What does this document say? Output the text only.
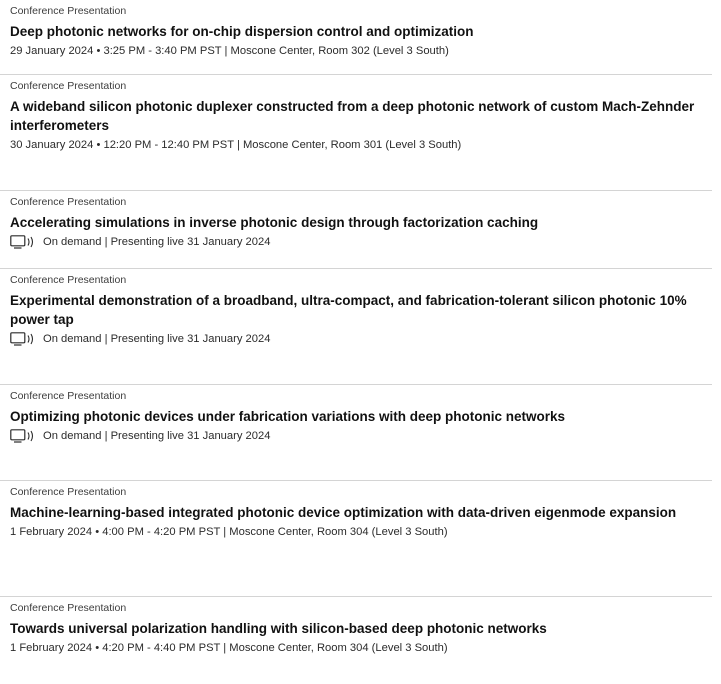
Conference Presentation
Deep photonic networks for on-chip dispersion control and optimization
29 January 2024 • 3:25 PM - 3:40 PM PST | Moscone Center, Room 302 (Level 3 South)
Conference Presentation
A wideband silicon photonic duplexer constructed from a deep photonic network of custom Mach-Zehnder interferometers
30 January 2024 • 12:20 PM - 12:40 PM PST | Moscone Center, Room 301 (Level 3 South)
Conference Presentation
Accelerating simulations in inverse photonic design through factorization caching
On demand | Presenting live 31 January 2024
Conference Presentation
Experimental demonstration of a broadband, ultra-compact, and fabrication-tolerant silicon photonic 10% power tap
On demand | Presenting live 31 January 2024
Conference Presentation
Optimizing photonic devices under fabrication variations with deep photonic networks
On demand | Presenting live 31 January 2024
Conference Presentation
Machine-learning-based integrated photonic device optimization with data-driven eigenmode expansion
1 February 2024 • 4:00 PM - 4:20 PM PST | Moscone Center, Room 304 (Level 3 South)
Conference Presentation
Towards universal polarization handling with silicon-based deep photonic networks
1 February 2024 • 4:20 PM - 4:40 PM PST | Moscone Center, Room 304 (Level 3 South)
